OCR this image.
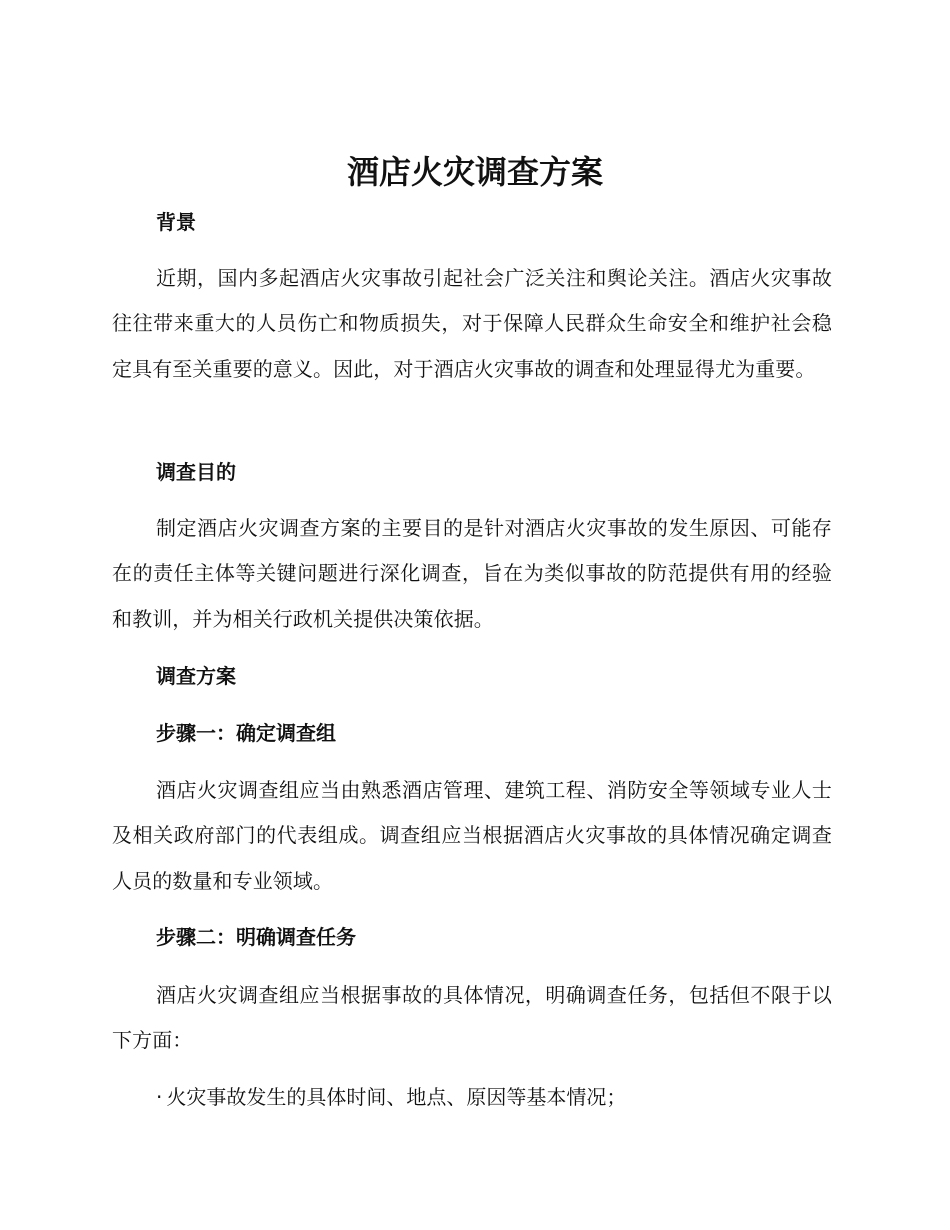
酒店火灾调查方案
背景
近期，国内多起酒店火灾事故引起社会广泛关注和舆论关注。酒店火灾事故往往带来重大的人员伤亡和物质损失，对于保障人民群众生命安全和维护社会稳定具有至关重要的意义。因此，对于酒店火灾事故的调查和处理显得尤为重要。
调查目的
制定酒店火灾调查方案的主要目的是针对酒店火灾事故的发生原因、可能存在的责任主体等关键问题进行深化调查，旨在为类似事故的防范提供有用的经验和教训，并为相关行政机关提供决策依据。
调查方案
步骤一：确定调查组
酒店火灾调查组应当由熟悉酒店管理、建筑工程、消防安全等领域专业人士及相关政府部门的代表组成。调查组应当根据酒店火灾事故的具体情况确定调查人员的数量和专业领域。
步骤二：明确调查任务
酒店火灾调查组应当根据事故的具体情况，明确调查任务，包括但不限于以下方面：
· 火灾事故发生的具体时间、地点、原因等基本情况；
